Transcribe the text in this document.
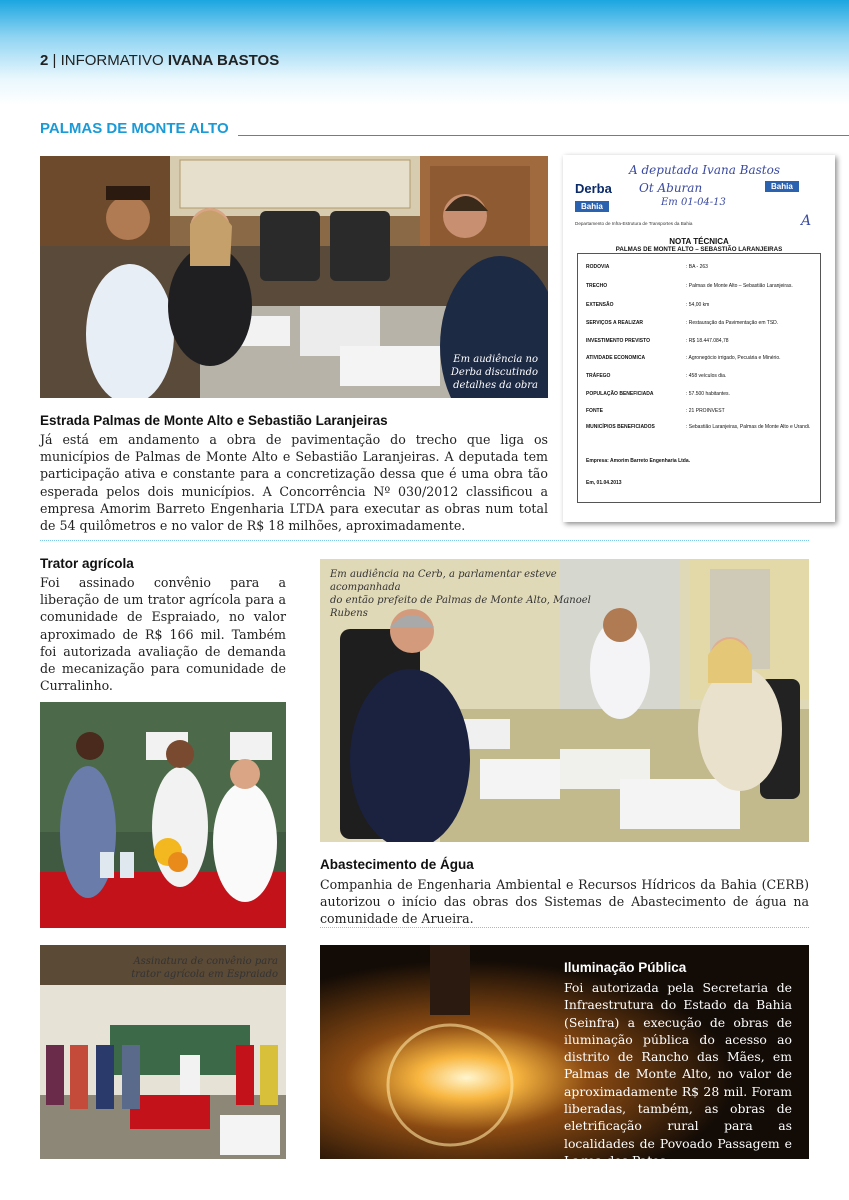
2 | INFORMATIVO IVANA BASTOS
PALMAS DE MONTE ALTO
Em audiência no
Derba discutindo
detalhes da obra
Estrada Palmas de Monte Alto e Sebastião Laranjeiras

Já está em andamento a obra de pavimentação do trecho que liga os municípios de Palmas de Monte Alto e Sebastião Laranjeiras. A deputada tem participação ativa e constante para a concretização dessa que é uma obra tão esperada pelos dois municípios. A Concorrência Nº 030/2012 classificou a empresa Amorim Barreto Engenharia LTDA para executar as obras num total de 54 quilômetros e no valor de R$ 18 milhões, aproximadamente.

A deputada Ivana Bastos
Ot Aburan
Em 01-04-13
A
Derba
Bahia
Bahia
Departamento de Infra-Estrutura de Transportes da Bahia
NOTA TÉCNICA
PALMAS DE MONTE ALTO – SEBASTIÃO LARANJEIRAS
RODOVIA	: BA - 263
TRECHO	: Palmas de Monte Alto – Sebastião Laranjeiras.
EXTENSÃO	: 54,00 km
SERVIÇOS A REALIZAR	: Restauração da Pavimentação em TSD.
INVESTIMENTO PREVISTO	: R$ 18.447.084,78
ATIVIDADE ECONOMICA	: Agronegócio irrigado, Pecuária e Minério.
TRÁFEGO	: 458 veículos dia.
POPULAÇÃO BENEFICIADA	: 57.500 habitantes.
FONTE	: 21 PROINVEST
MUNICÍPIOS BENEFICIADOS	: Sebastião Laranjeiras, Palmas de Monte Alto e Urandi.
Empresa: Amorim Barreto Engenharia Ltda.
Em, 01.04.2013
Trator agrícola

Foi assinado convênio para a liberação de um trator agrícola para a comunidade de Espraiado, no valor aproximado de R$ 166 mil. Também foi autorizada avaliação de demanda de mecanização para comunidade de Curralinho.

Assinatura de convênio para
trator agrícola em Espraiado
Em audiência na Cerb, a parlamentar esteve acompanhada
do então prefeito de Palmas de Monte Alto, Manoel Rubens
Abastecimento de Água

Companhia de Engenharia Ambiental e Recursos Hídricos da Bahia (CERB) autorizou o início das obras dos Sistemas de Abastecimento de água na comunidade de Arueira.

Iluminação Pública

Foi autorizada pela Secretaria de Infraestrutura do Estado da Bahia (Seinfra) a execução de obras de iluminação pública do acesso ao distrito de Rancho das Mães, em Palmas de Monte Alto, no valor de aproximadamente R$ 28 mil. Foram liberadas, também, as obras de eletrificação rural para as localidades de Povoado Passagem e Lagoa dos Patos.
